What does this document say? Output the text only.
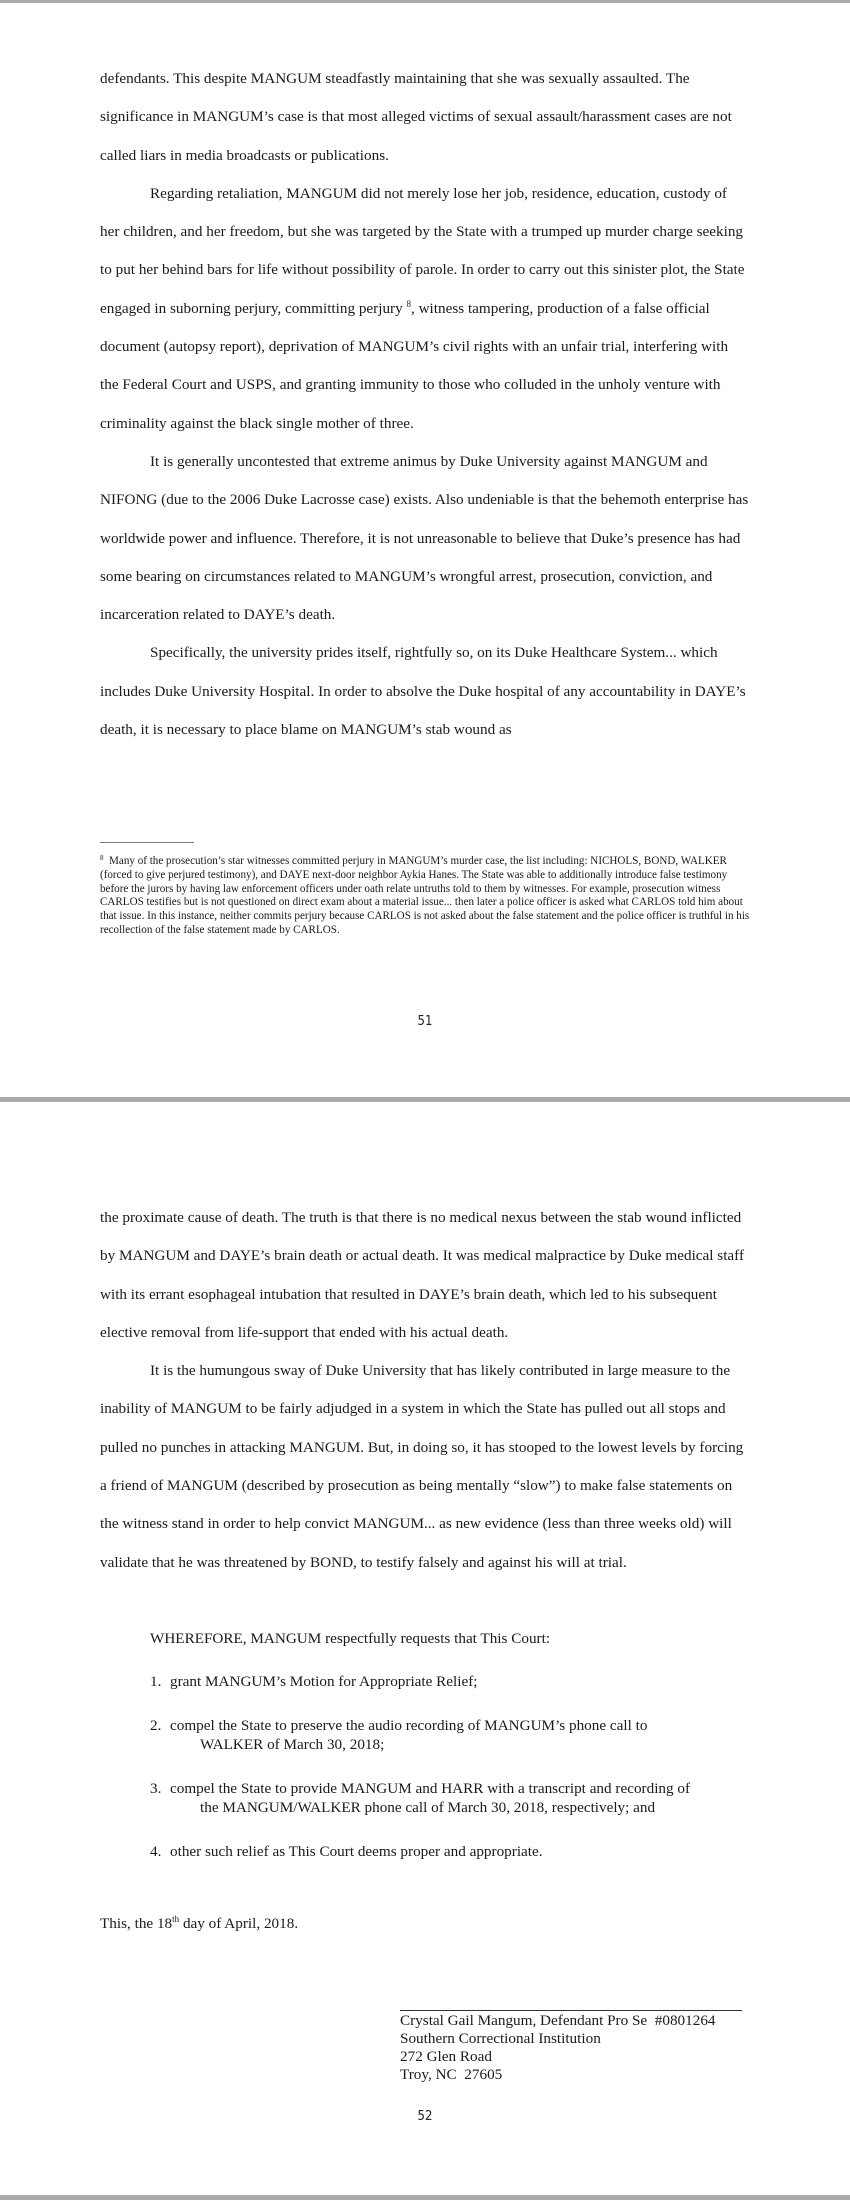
defendants. This despite MANGUM steadfastly maintaining that she was sexually assaulted. The significance in MANGUM’s case is that most alleged victims of sexual assault/harassment cases are not called liars in media broadcasts or publications.

Regarding retaliation, MANGUM did not merely lose her job, residence, education, custody of her children, and her freedom, but she was targeted by the State with a trumped up murder charge seeking to put her behind bars for life without possibility of parole. In order to carry out this sinister plot, the State engaged in suborning perjury, committing perjury $^8$, witness tampering, production of a false official document (autopsy report), deprivation of MANGUM’s civil rights with an unfair trial, interfering with the Federal Court and USPS, and granting immunity to those who colluded in the unholy venture with criminality against the black single mother of three.

It is generally uncontested that extreme animus by Duke University against MANGUM and NIFONG (due to the 2006 Duke Lacrosse case) exists. Also undeniable is that the behemoth enterprise has worldwide power and influence. Therefore, it is not unreasonable to believe that Duke’s presence has had some bearing on circumstances related to MANGUM’s wrongful arrest, prosecution, conviction, and incarceration related to DAYE’s death.

Specifically, the university prides itself, rightfully so, on its Duke Healthcare System... which includes Duke University Hospital. In order to absolve the Duke hospital of any accountability in DAYE’s death, it is necessary to place blame on MANGUM’s stab wound as

$^8$ Many of the prosecution’s star witnesses committed perjury in MANGUM’s murder case, the list including: NICHOLS, BOND, WALKER (forced to give perjured testimony), and DAYE next-door neighbor Aykia Hanes. The State was able to additionally introduce false testimony before the jurors by having law enforcement officers under oath relate untruths told to them by witnesses. For example, prosecution witness CARLOS testifies but is not questioned on direct exam about a material issue... then later a police officer is asked what CARLOS told him about that issue. In this instance, neither commits perjury because CARLOS is not asked about the false statement and the police officer is truthful in his recollection of the false statement made by CARLOS.

51

the proximate cause of death. The truth is that there is no medical nexus between the stab wound inflicted by MANGUM and DAYE’s brain death or actual death. It was medical malpractice by Duke medical staff with its errant esophageal intubation that resulted in DAYE’s brain death, which led to his subsequent elective removal from life-support that ended with his actual death.

It is the humungous sway of Duke University that has likely contributed in large measure to the inability of MANGUM to be fairly adjudged in a system in which the State has pulled out all stops and pulled no punches in attacking MANGUM. But, in doing so, it has stooped to the lowest levels by forcing a friend of MANGUM (described by prosecution as being mentally “slow”) to make false statements on the witness stand in order to help convict MANGUM... as new evidence (less than three weeks old) will validate that he was threatened by BOND, to testify falsely and against his will at trial.

WHEREFORE, MANGUM respectfully requests that This Court:

1. grant MANGUM’s Motion for Appropriate Relief;
2. compel the State to preserve the audio recording of MANGUM’s phone call to
WALKER of March 30, 2018;
3. compel the State to provide MANGUM and HARR with a transcript and recording of
the MANGUM/WALKER phone call of March 30, 2018, respectively; and
4. other such relief as This Court deems proper and appropriate.

This, the 18th day of April, 2018.

Crystal Gail Mangum, Defendant Pro Se  #0801264
Southern Correctional Institution
272 Glen Road
Troy, NC  27605
52
